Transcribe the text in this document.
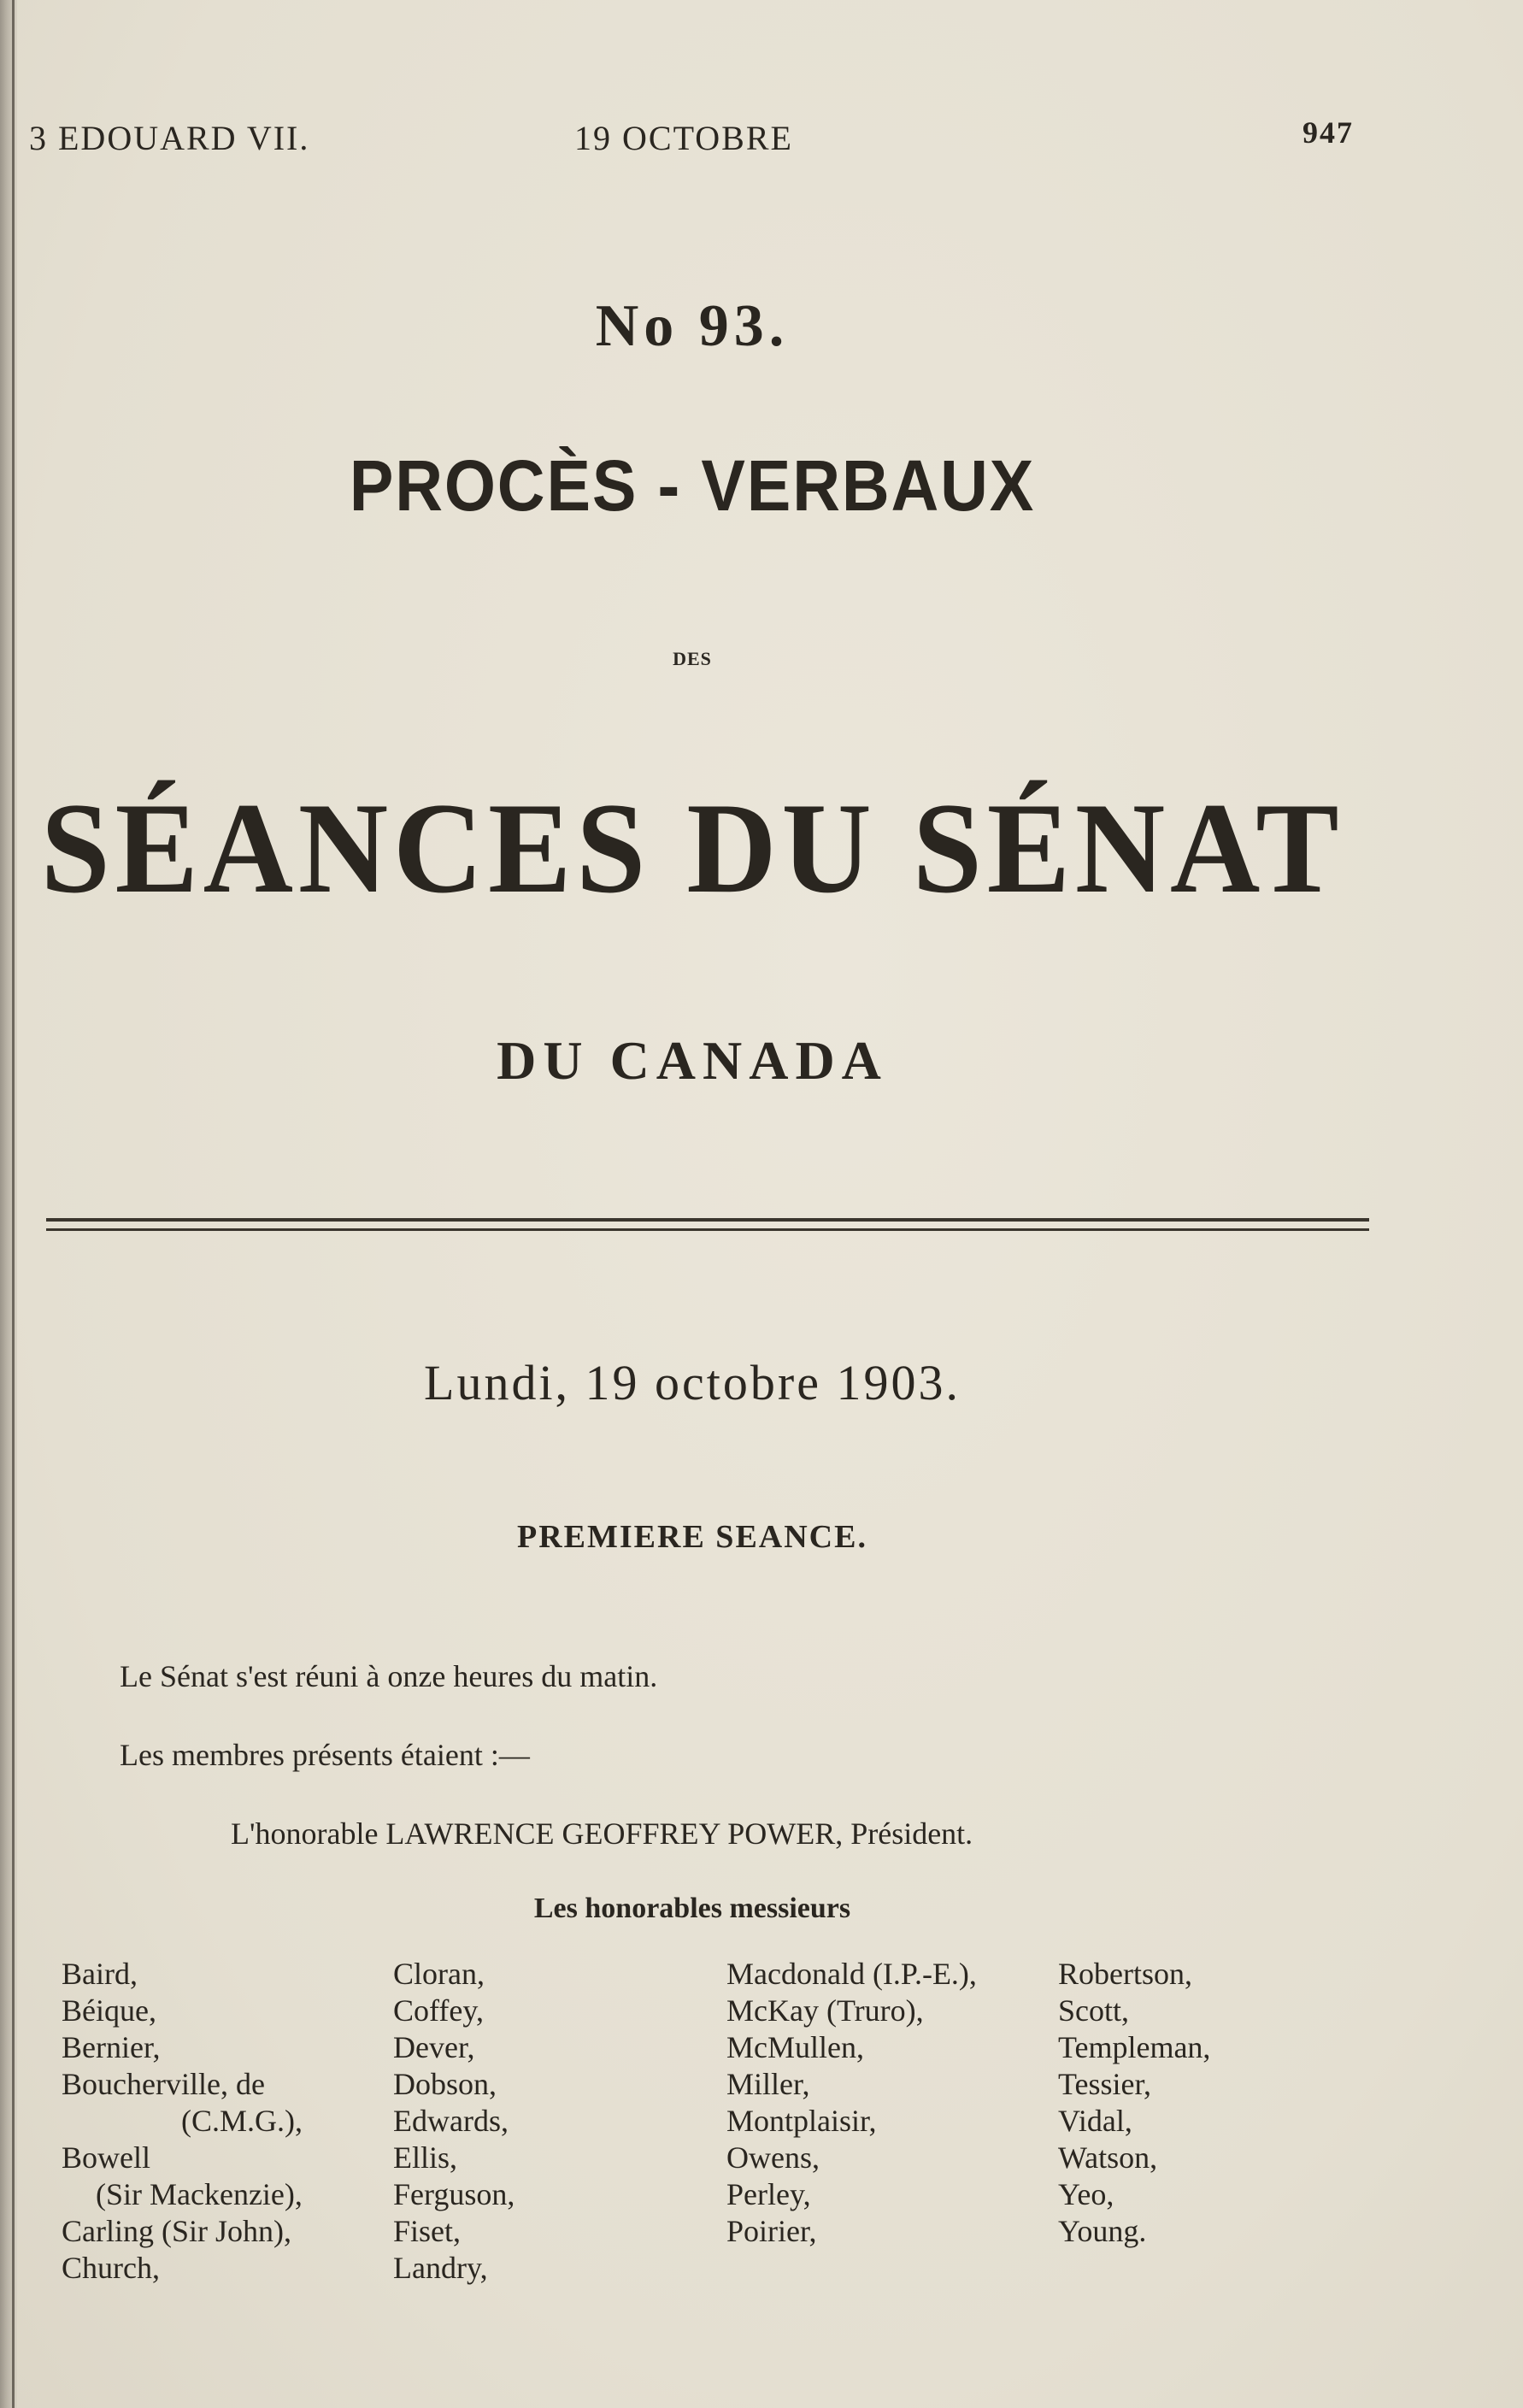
3 EDOUARD VII.	19 OCTOBRE	947
No 93.
PROCÈS - VERBAUX
DES
SÉANCES DU SÉNAT
DU CANADA
Lundi, 19 octobre 1903.
PREMIERE SEANCE.
Le Sénat s'est réuni à onze heures du matin.
Les membres présents étaient :—
L'honorable LAWRENCE GEOFFREY POWER, Président.
Les honorables messieurs
Baird,
Béique,
Bernier,
Boucherville, de
(C.M.G.),
Bowell
(Sir Mackenzie),
Carling (Sir John),
Church,
Cloran,
Coffey,
Dever,
Dobson,
Edwards,
Ellis,
Ferguson,
Fiset,
Landry,
Macdonald (I.P.-E.),
McKay (Truro),
McMullen,
Miller,
Montplaisir,
Owens,
Perley,
Poirier,
Robertson,
Scott,
Templeman,
Tessier,
Vidal,
Watson,
Yeo,
Young.
